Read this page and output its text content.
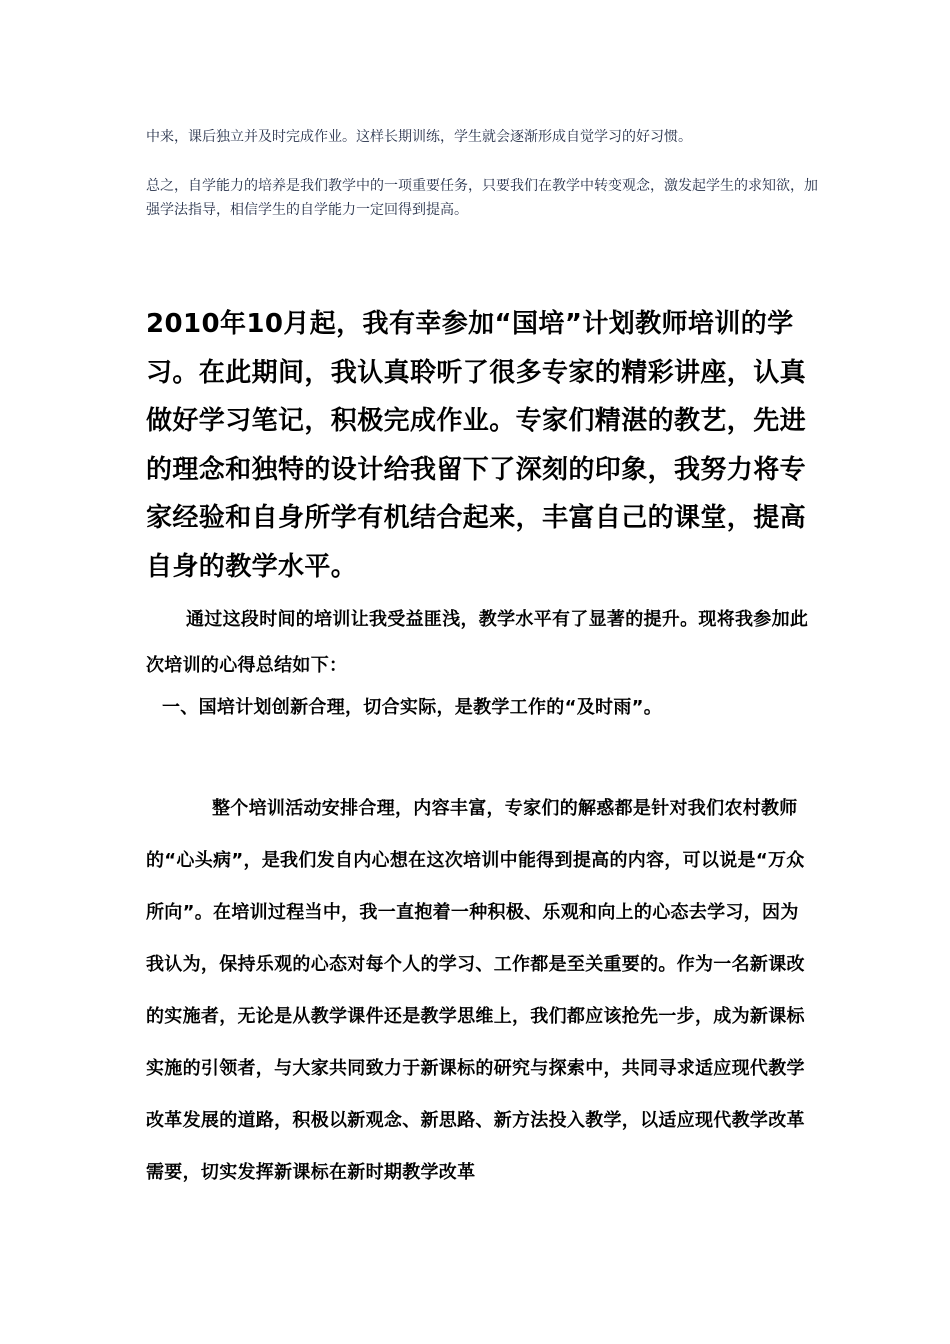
中来，课后独立并及时完成作业。这样长期训练，学生就会逐渐形成自觉学习的好习惯。

总之，自学能力的培养是我们教学中的一项重要任务，只要我们在教学中转变观念，激发起学生的求知欲，加强学法指导，相信学生的自学能力一定回得到提高。

2010年10月起，我有幸参加“国培”计划教师培训的学习。在此期间，我认真聆听了很多专家的精彩讲座，认真做好学习笔记，积极完成作业。专家们精湛的教艺，先进的理念和独特的设计给我留下了深刻的印象，我努力将专家经验和自身所学有机结合起来，丰富自己的课堂，提高自身的教学水平。

通过这段时间的培训让我受益匪浅，教学水平有了显著的提升。现将我参加此次培训的心得总结如下：

一、国培计划创新合理，切合实际，是教学工作的“及时雨”。

整个培训活动安排合理，内容丰富，专家们的解惑都是针对我们农村教师的“心头病”，是我们发自内心想在这次培训中能得到提高的内容，可以说是“万众所向”。在培训过程当中，我一直抱着一种积极、乐观和向上的心态去学习，因为我认为，保持乐观的心态对每个人的学习、工作都是至关重要的。作为一名新课改的实施者，无论是从教学课件还是教学思维上，我们都应该抢先一步，成为新课标实施的引领者，与大家共同致力于新课标的研究与探索中，共同寻求适应现代教学改革发展的道路，积极以新观念、新思路、新方法投入教学，以适应现代教学改革需要，切实发挥新课标在新时期教学改革
